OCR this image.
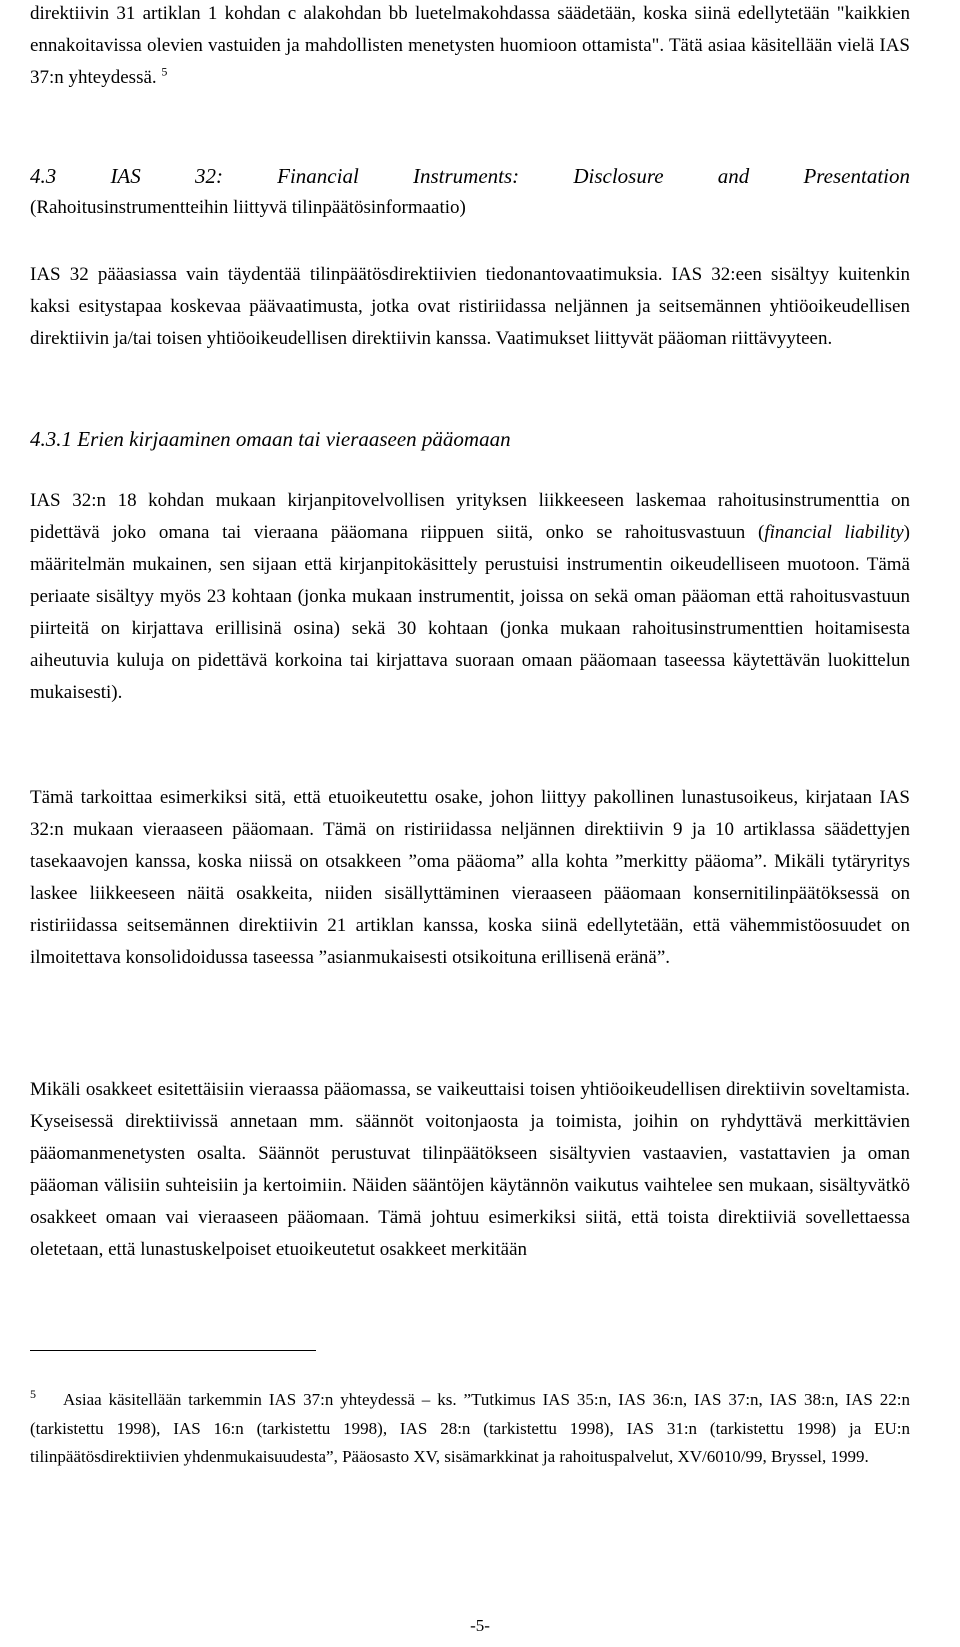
direktiivin 31 artiklan 1 kohdan c alakohdan bb luetelmakohdassa säädetään, koska siinä edellytetään "kaikkien ennakoitavissa olevien vastuiden ja mahdollisten menetysten huomioon ottamista". Tätä asiaa käsitellään vielä IAS 37:n yhteydessä. $^5$

4.3 IAS 32: Financial Instruments: Disclosure and Presentation

(Rahoitusinstrumentteihin liittyvä tilinpäätösinformaatio)

IAS 32 pääasiassa vain täydentää tilinpäätösdirektiivien tiedonantovaatimuksia. IAS 32:een sisältyy kuitenkin kaksi esitystapaa koskevaa päävaatimusta, jotka ovat ristiriidassa neljännen ja seitsemännen yhtiöoikeudellisen direktiivin ja/tai toisen yhtiöoikeudellisen direktiivin kanssa. Vaatimukset liittyvät pääoman riittävyyteen.

4.3.1 Erien kirjaaminen omaan tai vieraaseen pääomaan

IAS 32:n 18 kohdan mukaan kirjanpitovelvollisen yrityksen liikkeeseen laskemaa rahoitusinstrumenttia on pidettävä joko omana tai vieraana pääomana riippuen siitä, onko se rahoitusvastuun (financial liability) määritelmän mukainen, sen sijaan että kirjanpitokäsittely perustuisi instrumentin oikeudelliseen muotoon. Tämä periaate sisältyy myös 23 kohtaan (jonka mukaan instrumentit, joissa on sekä oman pääoman että rahoitusvastuun piirteitä on kirjattava erillisinä osina) sekä 30 kohtaan (jonka mukaan rahoitusinstrumenttien hoitamisesta aiheutuvia kuluja on pidettävä korkoina tai kirjattava suoraan omaan pääomaan taseessa käytettävän luokittelun mukaisesti).

Tämä tarkoittaa esimerkiksi sitä, että etuoikeutettu osake, johon liittyy pakollinen lunastusoikeus, kirjataan IAS 32:n mukaan vieraaseen pääomaan. Tämä on ristiriidassa neljännen direktiivin 9 ja 10 artiklassa säädettyjen tasekaavojen kanssa, koska niissä on otsakkeen ”oma pääoma” alla kohta ”merkitty pääoma”. Mikäli tytäryritys laskee liikkeeseen näitä osakkeita, niiden sisällyttäminen vieraaseen pääomaan konsernitilinpäätöksessä on ristiriidassa seitsemännen direktiivin 21 artiklan kanssa, koska siinä edellytetään, että vähemmistöosuudet on ilmoitettava konsolidoidussa taseessa ”asianmukaisesti otsikoituna erillisenä eränä”.

Mikäli osakkeet esitettäisiin vieraassa pääomassa, se vaikeuttaisi toisen yhtiöoikeudellisen direktiivin soveltamista. Kyseisessä direktiivissä annetaan mm. säännöt voitonjaosta ja toimista, joihin on ryhdyttävä merkittävien pääomanmenetysten osalta. Säännöt perustuvat tilinpäätökseen sisältyvien vastaavien, vastattavien ja oman pääoman välisiin suhteisiin ja kertoimiin. Näiden sääntöjen käytännön vaikutus vaihtelee sen mukaan, sisältyvätkö osakkeet omaan vai vieraaseen pääomaan. Tämä johtuu esimerkiksi siitä, että toista direktiiviä sovellettaessa oletetaan, että lunastuskelpoiset etuoikeutetut osakkeet merkitään

5	Asiaa käsitellään tarkemmin IAS 37:n yhteydessä – ks. ”Tutkimus IAS 35:n, IAS 36:n, IAS 37:n, IAS 38:n, IAS 22:n (tarkistettu 1998), IAS 16:n (tarkistettu 1998), IAS 28:n (tarkistettu 1998), IAS 31:n (tarkistettu 1998) ja EU:n tilinpäätösdirektiivien yhdenmukaisuudesta”, Pääosasto XV, sisämarkkinat ja rahoituspalvelut, XV/6010/99, Bryssel, 1999.
-5-
